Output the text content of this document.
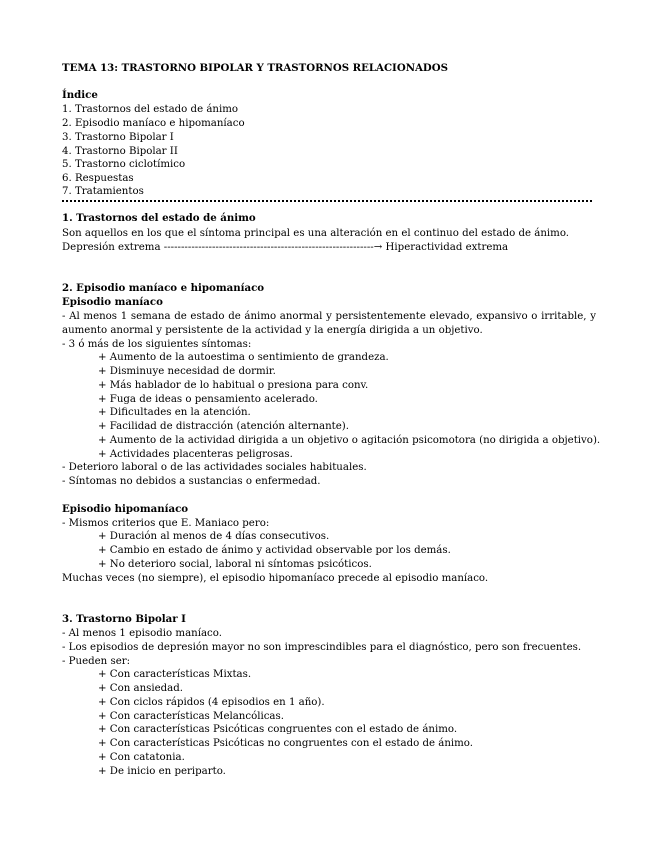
TEMA 13: TRASTORNO BIPOLAR Y TRASTORNOS RELACIONADOS
Índice
1. Trastornos del estado de ánimo
2. Episodio maníaco e hipomaníaco
3. Trastorno Bipolar I
4. Trastorno Bipolar II
5. Trastorno ciclotímico
6. Respuestas
7. Tratamientos
1. Trastornos del estado de ánimo
Son aquellos en los que el síntoma principal es una alteración en el continuo del estado de ánimo.
Depresión extrema -------------------------------------------------------------→ Hiperactividad extrema
2. Episodio maníaco e hipomaníaco
Episodio maníaco
- Al menos 1 semana de estado de ánimo anormal y persistentemente elevado, expansivo o irritable, y
aumento anormal y persistente de la actividad y la energía dirigida a un objetivo.
- 3 ó más de los siguientes síntomas:
+ Aumento de la autoestima o sentimiento de grandeza.
+ Disminuye necesidad de dormir.
+ Más hablador de lo habitual o presiona para conv.
+ Fuga de ideas o pensamiento acelerado.
+ Dificultades en la atención.
+ Facilidad de distracción (atención alternante).
+ Aumento de la actividad dirigida a un objetivo o agitación psicomotora (no dirigida a objetivo).
+ Actividades placenteras peligrosas.
- Deterioro laboral o de las actividades sociales habituales.
- Síntomas no debidos a sustancias o enfermedad.
Episodio hipomaníaco
- Mismos criterios que E. Maniaco pero:
+ Duración al menos de 4 días consecutivos.
+ Cambio en estado de ánimo y actividad observable por los demás.
+ No deterioro social, laboral ni síntomas psicóticos.
Muchas veces (no siempre), el episodio hipomaníaco precede al episodio maníaco.
3. Trastorno Bipolar I
- Al menos 1 episodio maníaco.
- Los episodios de depresión mayor no son imprescindibles para el diagnóstico, pero son frecuentes.
- Pueden ser:
+ Con características Mixtas.
+ Con ansiedad.
+ Con ciclos rápidos (4 episodios en 1 año).
+ Con características Melancólicas.
+ Con características Psicóticas congruentes con el estado de ánimo.
+ Con características Psicóticas no congruentes con el estado de ánimo.
+ Con catatonia.
+ De inicio en periparto.
